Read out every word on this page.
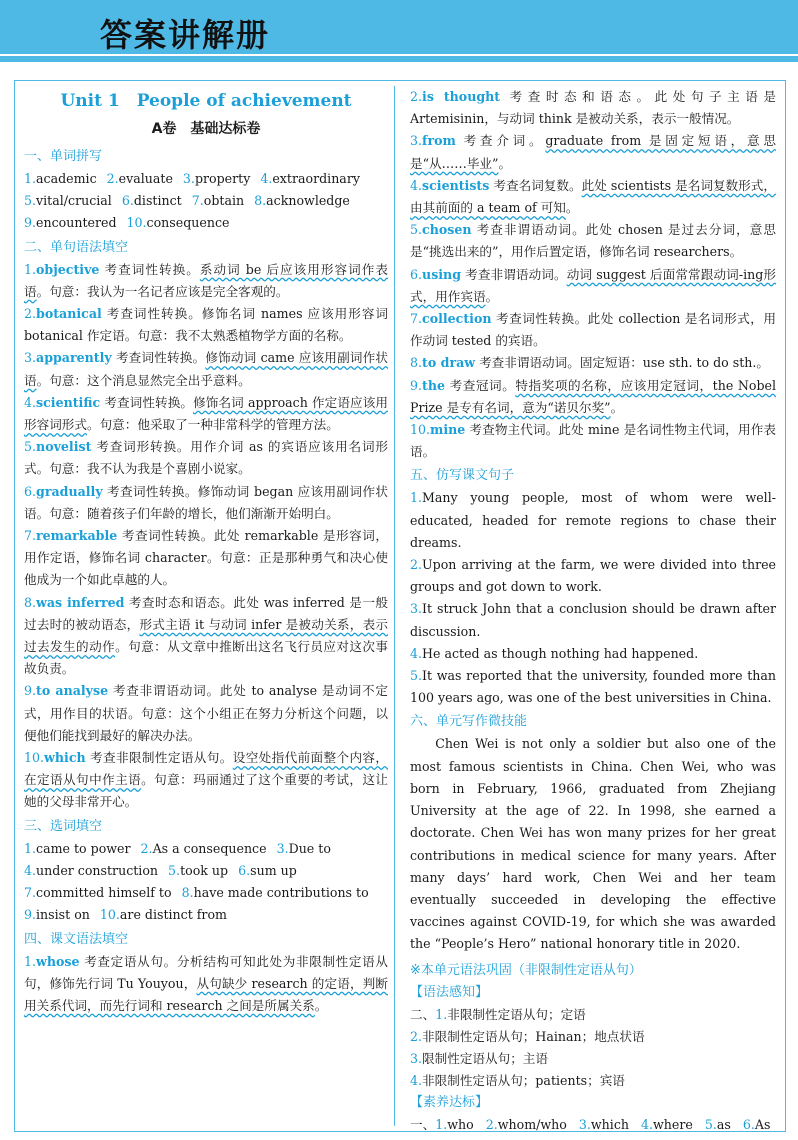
答案讲解册
Unit 1　People of achievement
A卷　基础达标卷
一、单词拼写
1.academic 2.evaluate 3.property 4.extraordinary
5.vital/crucial 6.distinct 7.obtain 8.acknowledge
9.encountered 10.consequence
二、单句语法填空
1.objective 考查词性转换。系动词 be 后应该用形容词作表语。句意：我认为一名记者应该是完全客观的。
2.botanical 考查词性转换。修饰名词 names 应该用形容词 botanical 作定语。句意：我不太熟悉植物学方面的名称。
3.apparently 考查词性转换。修饰动词 came 应该用副词作状语。句意：这个消息显然完全出乎意料。
4.scientific 考查词性转换。修饰名词 approach 作定语应该用形容词形式。句意：他采取了一种非常科学的管理方法。
5.novelist 考查词形转换。用作介词 as 的宾语应该用名词形式。句意：我不认为我是个喜剧小说家。
6.gradually 考查词性转换。修饰动词 began 应该用副词作状语。句意：随着孩子们年龄的增长，他们渐渐开始明白。
7.remarkable 考查词性转换。此处 remarkable 是形容词，用作定语，修饰名词 character。句意：正是那种勇气和决心使他成为一个如此卓越的人。
8.was inferred 考查时态和语态。此处 was inferred 是一般过去时的被动语态，形式主语 it 与动词 infer 是被动关系，表示过去发生的动作。句意：从文章中推断出这名飞行员应对这次事故负责。
9.to analyse 考查非谓语动词。此处 to analyse 是动词不定式，用作目的状语。句意：这个小组正在努力分析这个问题，以便他们能找到最好的解决办法。
10.which 考查非限制性定语从句。设空处指代前面整个内容，在定语从句中作主语。句意：玛丽通过了这个重要的考试，这让她的父母非常开心。
三、选词填空
1.came to power 2.As a consequence 3.Due to
4.under construction 5.took up 6.sum up
7.committed himself to 8.have made contributions to
9.insist on 10.are distinct from
四、课文语法填空
1.whose 考查定语从句。分析结构可知此处为非限制性定语从句，修饰先行词 Tu Youyou，从句缺少 research 的定语，判断用关系代词，而先行词和 research 之间是所属关系。
2.is thought 考查时态和语态。此处句子主语是 Artemisinin，与动词 think 是被动关系，表示一般情况。
3.from 考查介词。graduate from 是固定短语，意思是“从……毕业”。
4.scientists 考查名词复数。此处 scientists 是名词复数形式，由其前面的 a team of 可知。
5.chosen 考查非谓语动词。此处 chosen 是过去分词，意思是“挑选出来的”，用作后置定语，修饰名词 researchers。
6.using 考查非谓语动词。动词 suggest 后面常常跟动词-ing形式，用作宾语。
7.collection 考查词性转换。此处 collection 是名词形式，用作动词 tested 的宾语。
8.to draw 考查非谓语动词。固定短语：use sth. to do sth.。
9.the 考查冠词。特指奖项的名称，应该用定冠词，the Nobel Prize 是专有名词，意为“诺贝尔奖”。
10.mine 考查物主代词。此处 mine 是名词性物主代词，用作表语。
五、仿写课文句子
1.Many young people, most of whom were well-educated, headed for remote regions to chase their dreams.
2.Upon arriving at the farm, we were divided into three groups and got down to work.
3.It struck John that a conclusion should be drawn after discussion.
4.He acted as though nothing had happened.
5.It was reported that the university, founded more than 100 years ago, was one of the best universities in China.
六、单元写作微技能
Chen Wei is not only a soldier but also one of the most famous scientists in China. Chen Wei, who was born in February, 1966, graduated from Zhejiang University at the age of 22. In 1998, she earned a doctorate. Chen Wei has won many prizes for her great contributions in medical science for many years. After many days’ hard work, Chen Wei and her team eventually succeeded in developing the effective vaccines against COVID-19, for which she was awarded the “People’s Hero” national honorary title in 2020.
※本单元语法巩固（非限制性定语从句）
【语法感知】
二、1.非限制性定语从句；定语
2.非限制性定语从句；Hainan；地点状语
3.限制性定语从句；主语
4.非限制性定语从句；patients；宾语
【素养达标】
一、1.who 2.whom/who 3.which 4.where 5.as 6.As
